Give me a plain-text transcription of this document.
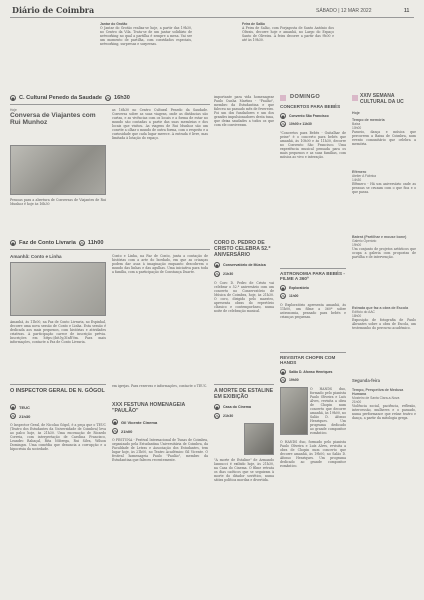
Diário de Coimbra	SÁBADO | 12 MAR 2022	11
Jantar do Grotão
O Jantar do Grotão realiza-se hoje, a partir das 19h30, no Centro da Vila. Trata-se de um jantar solidário de networking no qual a partilha é sempre a mesa. Vai ser um momento de partilha, com convidados especiais, networking, surpresas e surpresas.
Feira de Salão
A Feira de Salão, com Forjagosta de Santo António dos Olivais, decorre hoje e amanhã, no Largo do Espaço Santo de Oliveira. A feira decorre a partir das 9h00 e até às 19h30.
◉ C. Cultural Penedo da Saudade	◷ 16h30
Hoje
Conversa de Viajantes com Rui Munhoz
Pessoas para a abertura de Conversas de Viajantes de Rui Munhoz é hoje às 16h30
as 16h30 no Centro Cultural Penedo da Saudade. Conversa sobre as suas viagens, onde as distâncias são curtas, e as vivências com os locais e a forma de estar no mundo são contadas a partir das suas memórias e dos locais que visitou. As viagens de Rui Munhoz são um convite a olhar o mundo de outra forma, com o respeito e a curiosidade que cada lugar merece. A entrada é livre, mas limitada à lotação do espaço.
◉ Faz de Conto Livraria	◷ 11h00
Amanhã: Conto e Linha
Amanhã, às 11h00, na Faz de Conto Livraria, no Espinhal, decorre uma nova sessão de Conto e Linha. Esta sessão é dedicada aos mais pequenos, com histórias e atividades criativas. A participação carece de inscrição prévia. Inscrições em https://bit.ly/3InfY0m. Para mais informações, contacte a Faz de Conto Livraria.
Conto e Linha, na Faz de Conto, junta a contação de histórias com a arte do bordado, em que as crianças podem dar asas à imaginação enquanto descobrem o mundo das linhas e das agulhas. Uma iniciativa para toda a família, com a participação de Constança Duarte.
O INSPECTOR GERAL DE N. GÓGOL
◉	TEUC
◷	21h30
O Inspector Geral, de Nicolau Gógol, é a peça que o TEUC (Teatro dos Estudantes da Universidade de Coimbra) leva ao palco hoje, às 21h30. Uma encenação de Ricardo Correia, com interpretação de Carolina Francisco, Leandro Rabaçal, Rita Nóbrega, Rui Silva, Wilson Domingos. Uma comédia que denuncia a corrupção e a hipocrisia da sociedade.
em igrejas. Para reservas e informações, contacte o TEUC.
XXX FESTUNA HOMENAGEIA "PAULÃO"
◉	Gil Vicente Cinema
◷	21h00
O FESTUNA - Festival Internacional de Tunas de Coimbra, organizado pela Estudantina Universitária de Coimbra, da Faculdade de Letras e Associação dos Estudantes, tem lugar hoje, às 21h00, no Teatro Académico Gil Vicente. O festival homenageia Paulo "Paulão", membro da Estudantina que faleceu recentemente.
importante para vida homenagear Paulo Cunha Martins - "Paulão", membro da Estudantina e que faleceu no passado mês de fevereiro. Foi um dos fundadores e um dos grandes impulsionadores desta tuna, que deixa saudades a todos os que com ele conviveram.
CORO D. PEDRO DE CRISTO CELEBRA 52.º ANIVERSÁRIO
◉	Conservatório de Música
◷	21h30
O Coro D. Pedro de Cristo vai celebrar o 52.º aniversário com um concerto no Conservatório de Música de Coimbra, hoje, às 21h30. O coro, dirigido pelo maestro, apresenta obras do repertório clássico e contemporâneo, numa noite de celebração musical.
A MORTE DE ESTALINE EM EXIBIÇÃO
◉	Casa do Cinema
◷	21h30
"A morte de Estaline" de Armando Iannucci é exibido hoje, às 21h30, na Casa do Cinema. O filme retrata os dias caóticos que se seguiram à morte do ditador soviético, numa sátira política mordaz e divertida.
DOMINGO
CONCERTOS PARA BEBÉS
◉	Convento São Francisco
◷	10h00 e 11h30
"Concertos para Bebés - Guitalhar de peixe" é o concerto para bebés que amanhã, às 10h00 e às 11h30, decorre no Convento São Francisco. Uma experiência musical pensada para os mais pequenos e as suas famílias, com música ao vivo e interação.
ASTRONOMIA PARA BEBÉS - FILME A 360º
◉	Exploratório
◷	11h00
O Exploratório apresenta amanhã, às 11h00, um filme a 360º sobre astronomia, pensado para bebés e crianças pequenas.
REVISITAR CHOPIN COM HANDS
◉	Salão D. Afonso Henriques
◷	19h00
O HANDS duo, formado pelo pianista Paulo Oliveira e Luís Alves, revisita a obra de Chopin num concerto que decorre amanhã, às 19h00, no Salão D. Afonso Henriques. Um programa dedicado ao grande compositor romântico.
O HANDS duo, formado pelo pianista Paulo Oliveira e Luís Alves, revisita a obra de Chopin num concerto que decorre amanhã, às 19h00, no Salão D. Afonso Henriques. Um programa dedicado ao grande compositor romântico.
XXIV SEMANA CULTURAL DA UC
Hoje
Tempo de memória
Baixa
10h00
Passeio, dança e música que percorrem a Baixa de Coimbra, num evento comunitário que celebra a memória.
Efémero
Atelier A Fábrica
14h30
Efémero - Há um aniversário onde as pessoas se cruzam com o que fica e o que passa.
Baterá (Partilhar e mouse bone)
Galerio Operário
19h00
Um conjunto de projetos artísticos que ocupa a galeria com propostas de partilha e de intervenção.
Estrada que faz a obra de Escola
Edifício do AAC
18h00
Exposição de fotografia de Paulo Abrantes sobre a obra de Escola, um testemunho do percurso académico.
Segunda-feira
Tempo, Perspetiva de Medusa Humana
Mosteiro de Santa Clara-a-Nova
21h00
Violência social, paciência, reflexão, intercessão, mulheres e o passado, numa performance que reúne teatro e dança, a partir da mitologia grega.
